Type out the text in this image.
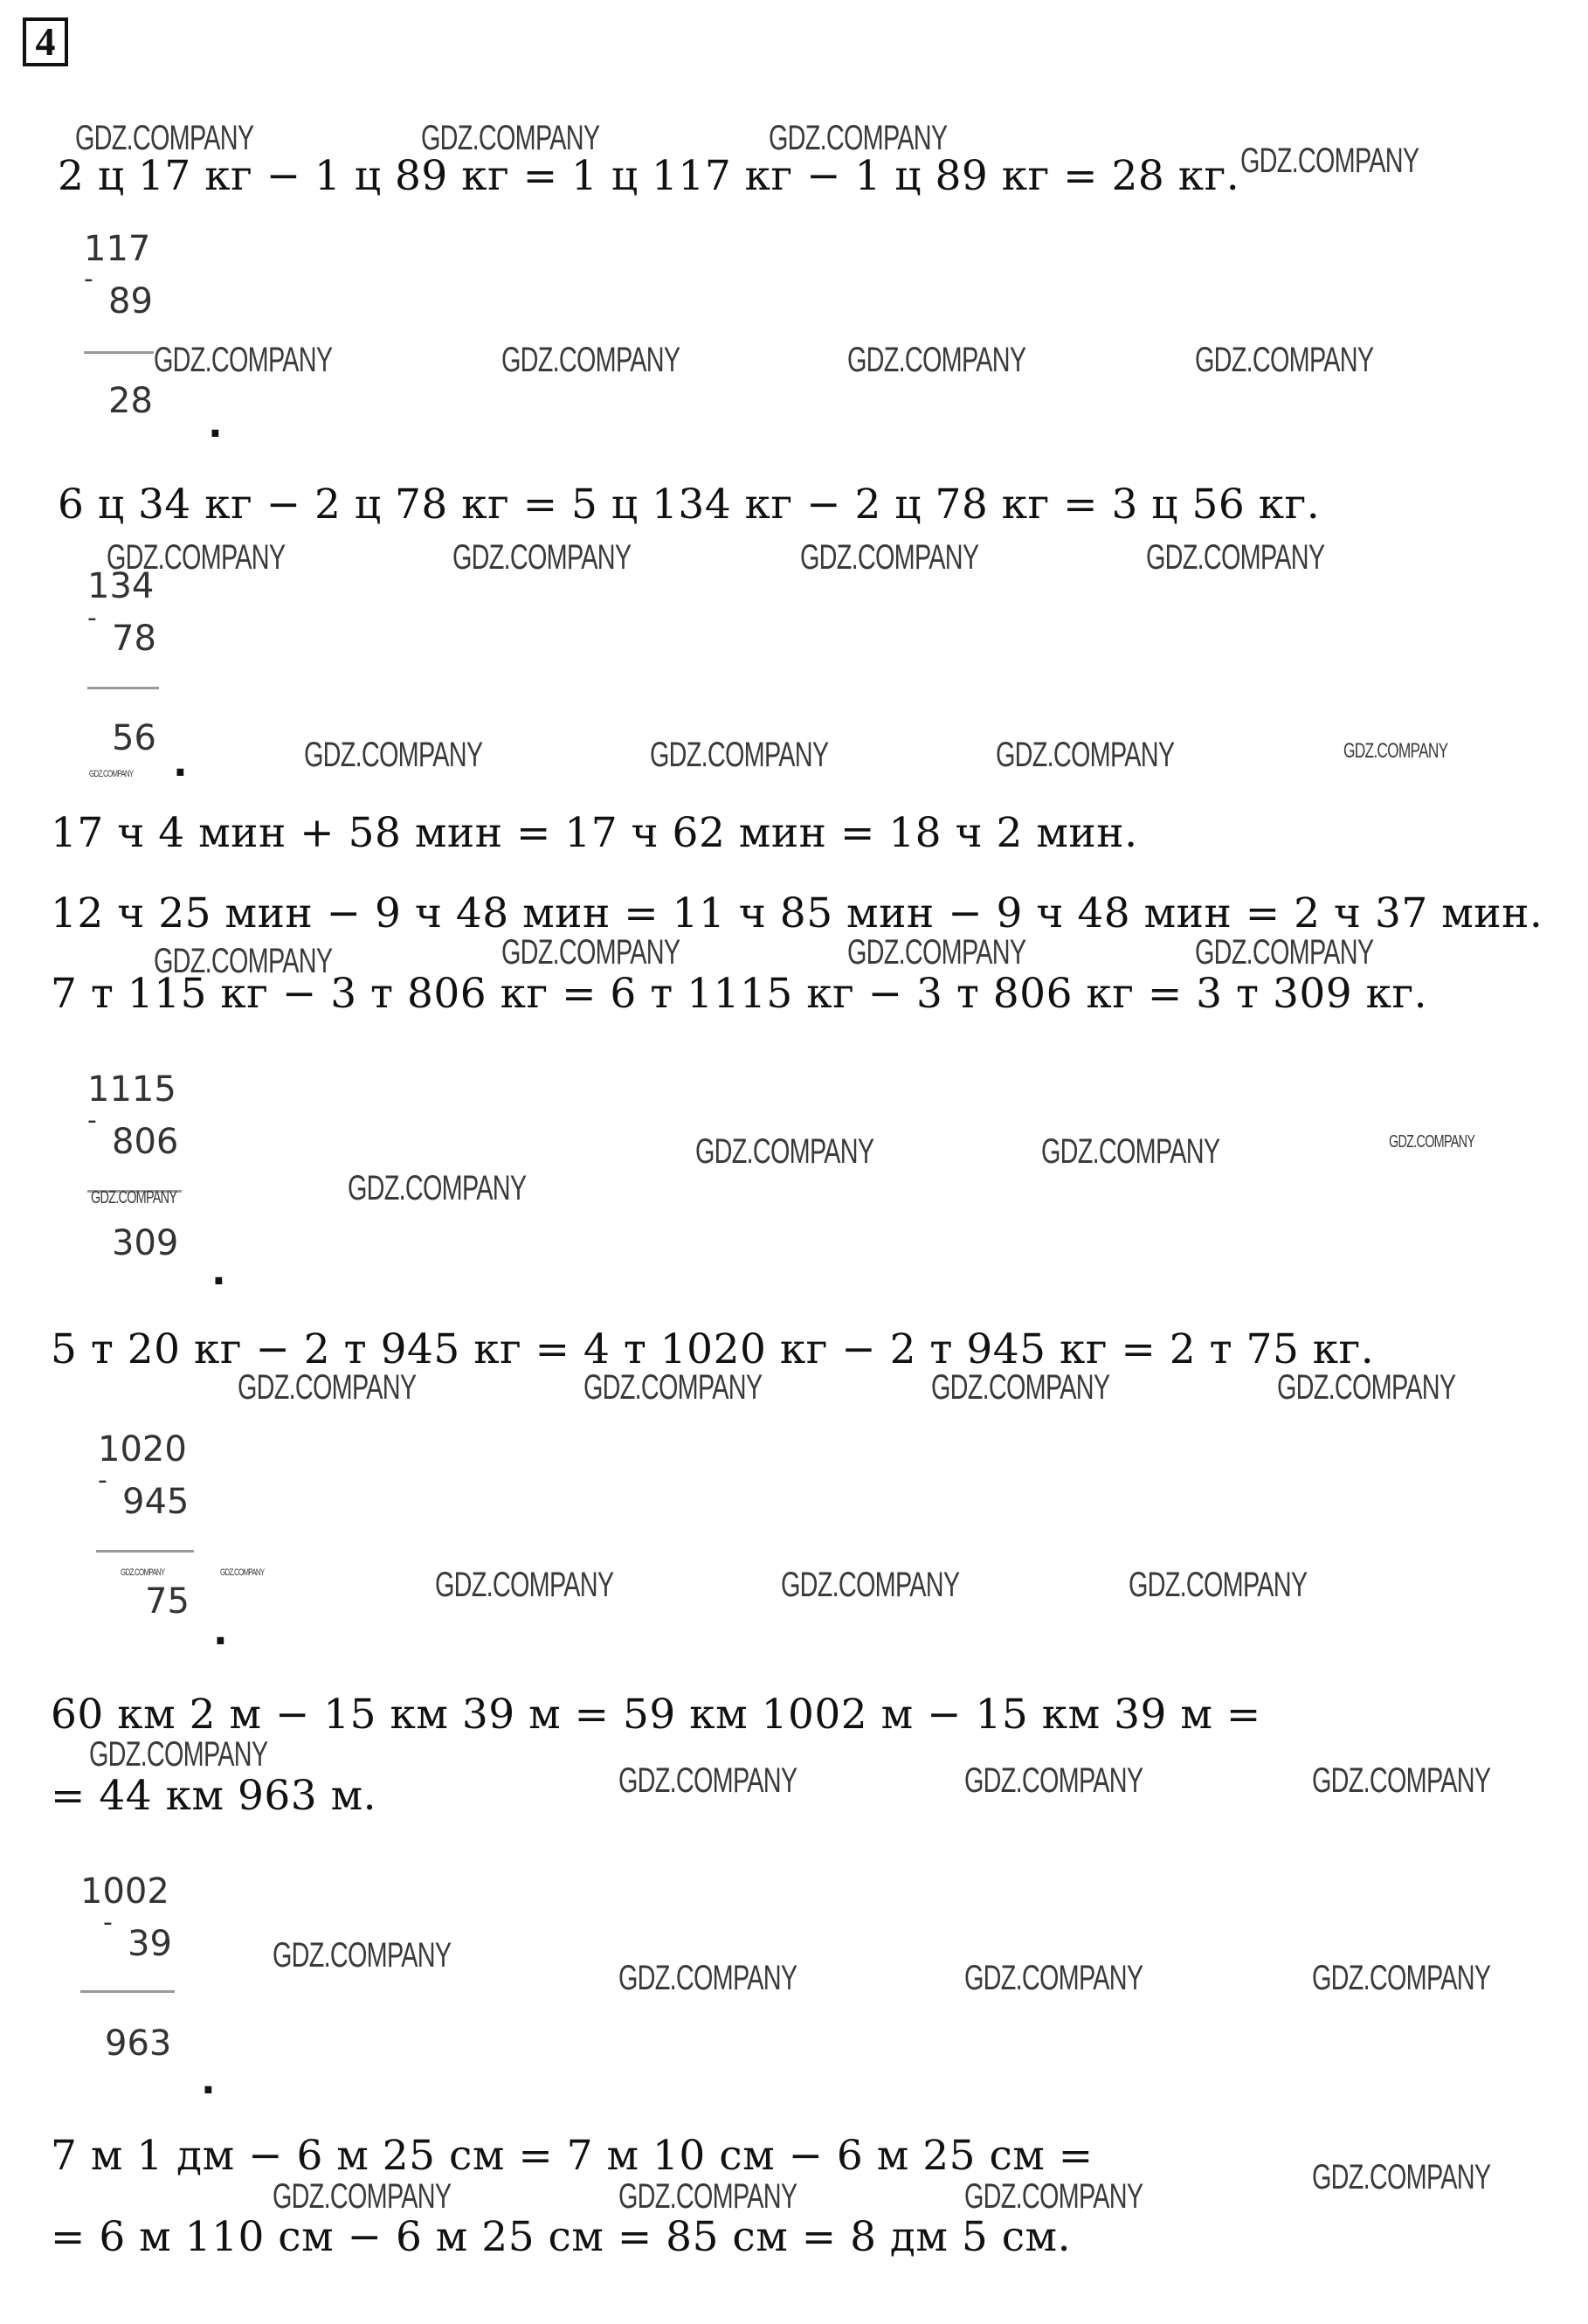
4
2 ц 17 кг − 1 ц 89 кг = 1 ц 117 кг − 1 ц 89 кг = 28 кг.
6 ц 34 кг − 2 ц 78 кг = 5 ц 134 кг − 2 ц 78 кг = 3 ц 56 кг.
17 ч 4 мин + 58 мин = 17 ч 62 мин = 18 ч 2 мин.
12 ч 25 мин − 9 ч 48 мин = 11 ч 85 мин − 9 ч 48 мин = 2 ч 37 мин.
7 т 115 кг − 3 т 806 кг = 6 т 1115 кг − 3 т 806 кг = 3 т 309 кг.
5 т 20 кг − 2 т 945 кг = 4 т 1020 кг − 2 т 945 кг = 2 т 75 кг.
60 км 2 м − 15 км 39 м = 59 км 1002 м − 15 км 39 м =
= 44 км 963 м.
7 м 1 дм − 6 м 25 см = 7 м 10 см − 6 м 25 см =
= 6 м 110 см − 6 м 25 см = 85 см = 8 дм 5 см.
117
-
89
28
.
134
-
78
56
.
1115
-
806
309
.
1020
-
945
75
.
1002
-
39
963
.
GDZ.COMPANY	GDZ.COMPANY	GDZ.COMPANY
GDZ.COMPANY
GDZ.COMPANY	GDZ.COMPANY	GDZ.COMPANY	GDZ.COMPANY
GDZ.COMPANY	GDZ.COMPANY	GDZ.COMPANY	GDZ.COMPANY
GDZ.COMPANY	GDZ.COMPANY	GDZ.COMPANY	GDZ.COMPANY	GDZ.COMPANY
GDZ.COMPANY	GDZ.COMPANY	GDZ.COMPANY	GDZ.COMPANY
GDZ.COMPANY	GDZ.COMPANY	GDZ.COMPANY
GDZ.COMPANY	GDZ.COMPANY
GDZ.COMPANY	GDZ.COMPANY	GDZ.COMPANY	GDZ.COMPANY
GDZ.COMPANY	GDZ.COMPANY	GDZ.COMPANY	GDZ.COMPANY	GDZ.COMPANY
GDZ.COMPANY
GDZ.COMPANY	GDZ.COMPANY	GDZ.COMPANY
GDZ.COMPANY
GDZ.COMPANY	GDZ.COMPANY	GDZ.COMPANY
GDZ.COMPANY	GDZ.COMPANY	GDZ.COMPANY	GDZ.COMPANY
